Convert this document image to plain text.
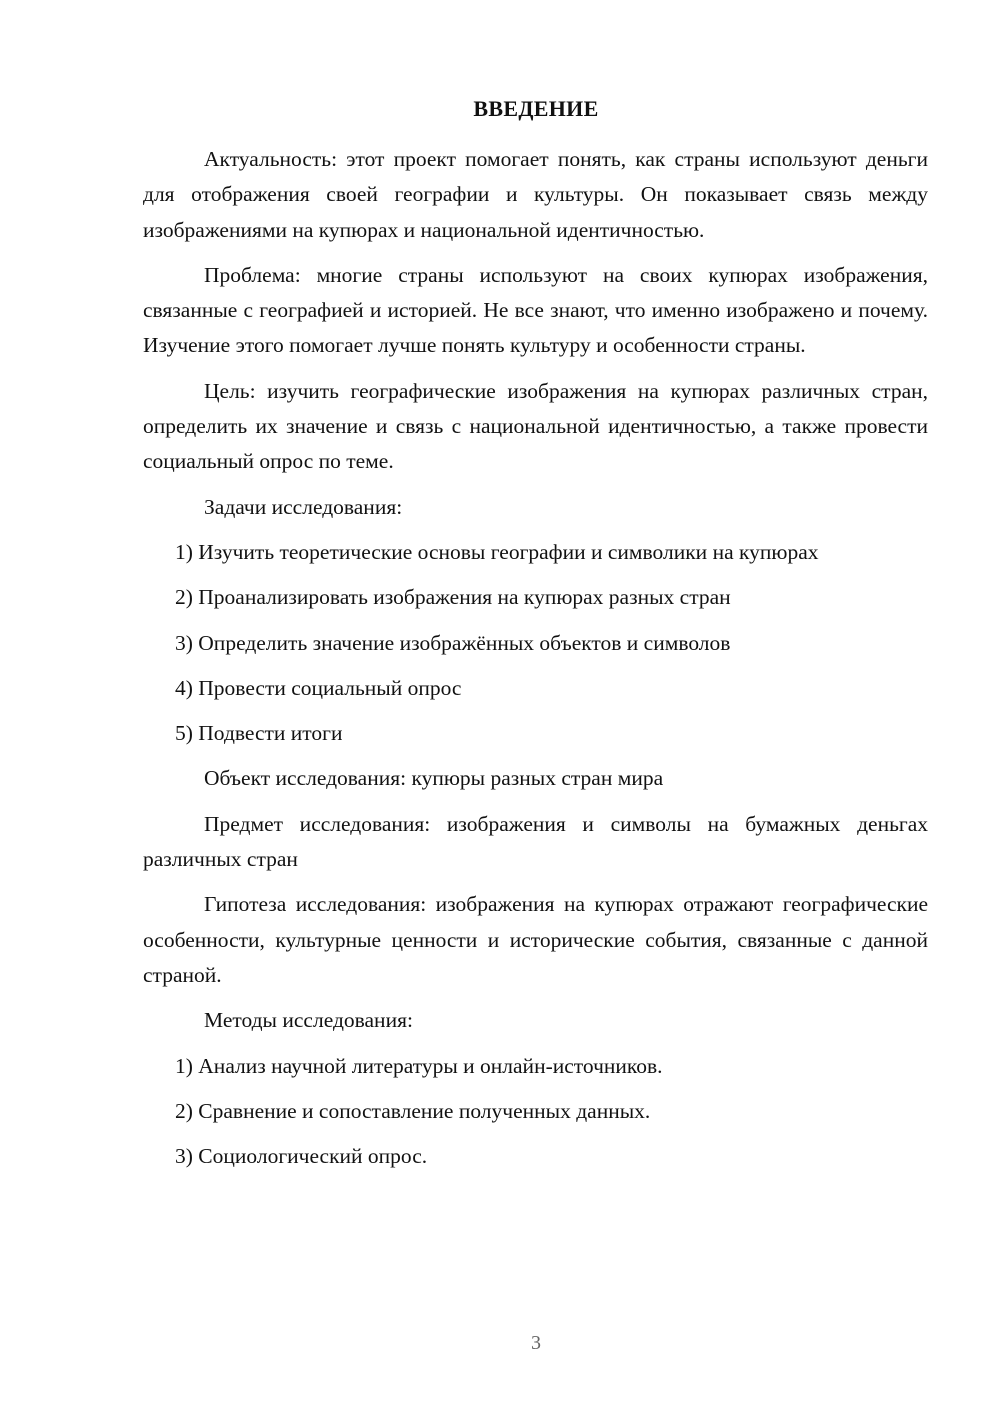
ВВЕДЕНИЕ

Актуальность: этот проект помогает понять, как страны используют деньги для отображения своей географии и культуры. Он показывает связь между изображениями на купюрах и национальной идентичностью.

Проблема: многие страны используют на своих купюрах изображения, связанные с географией и историей. Не все знают, что именно изображено и почему. Изучение этого помогает лучше понять культуру и особенности страны.

Цель: изучить географические изображения на купюрах различных стран, определить их значение и связь с национальной идентичностью, а также провести социальный опрос по теме.

Задачи исследования:

1) Изучить теоретические основы географии и символики на купюрах
2) Проанализировать изображения на купюрах разных стран
3) Определить значение изображённых объектов и символов
4) Провести социальный опрос
5) Подвести итоги

Объект исследования: купюры разных стран мира

Предмет исследования: изображения и символы на бумажных деньгах различных стран

Гипотеза исследования: изображения на купюрах отражают географические особенности, культурные ценности и исторические события, связанные с данной страной.

Методы исследования:

1) Анализ научной литературы и онлайн-источников.
2) Сравнение и сопоставление полученных данных.
3) Социологический опрос.
3
